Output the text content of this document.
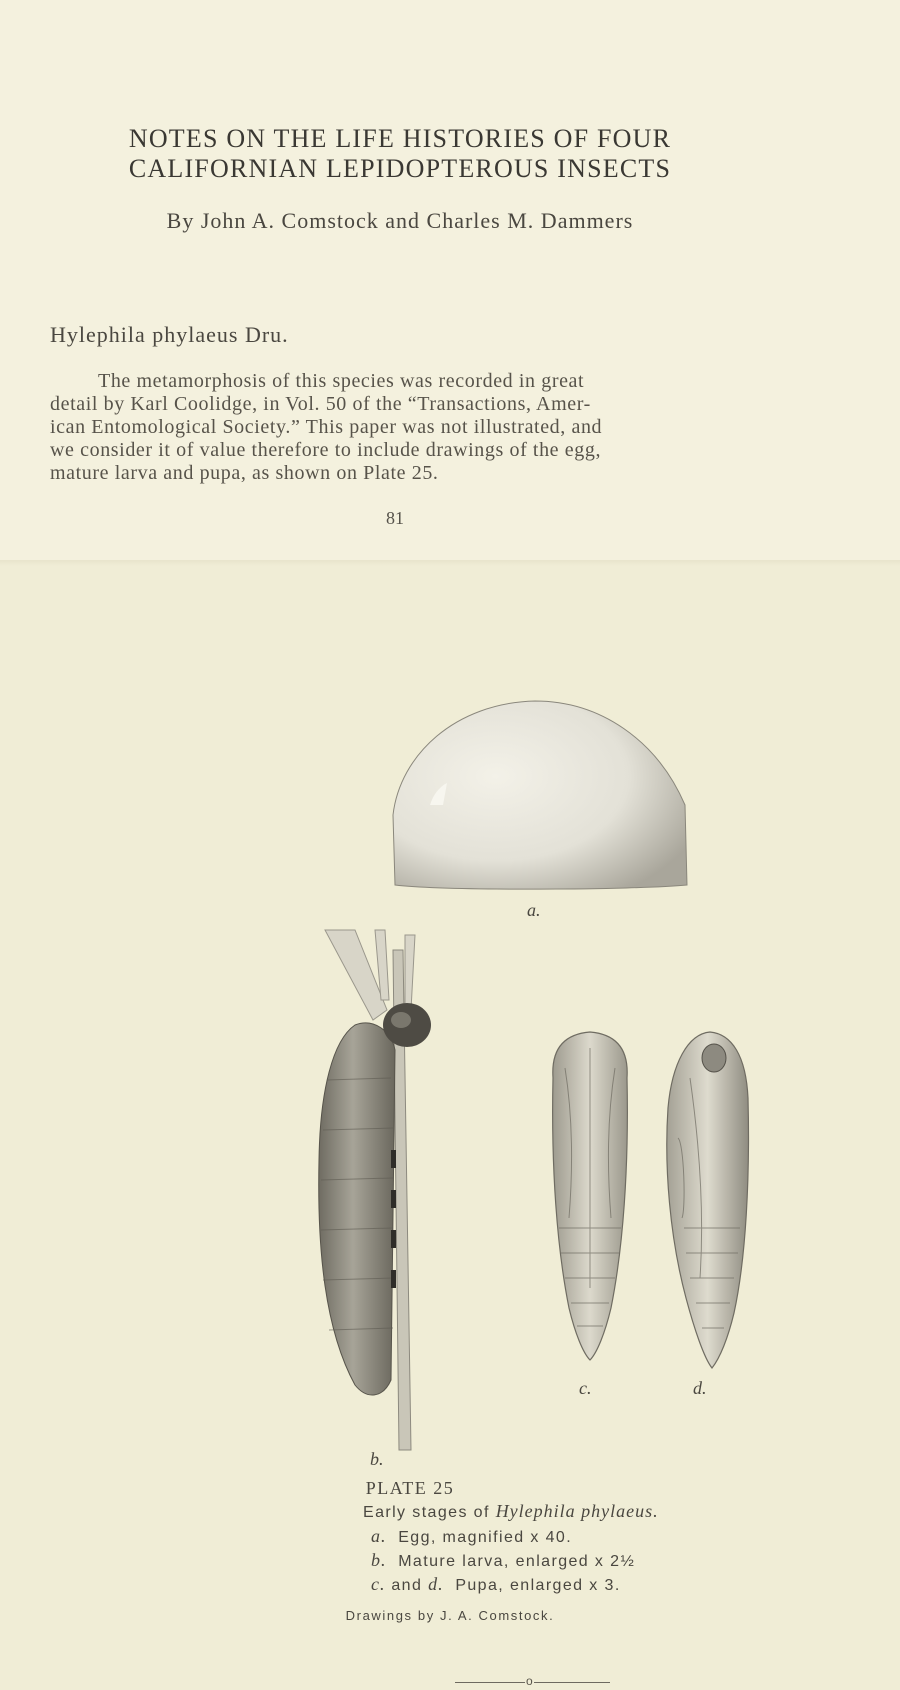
NOTES ON THE LIFE HISTORIES OF FOUR
CALIFORNIAN LEPIDOPTEROUS INSECTS
By John A. Comstock and Charles M. Dammers
Hylephila phylaeus Dru.
The metamorphosis of this species was recorded in great
detail by Karl Coolidge, in Vol. 50 of the “Transactions, Amer-
ican Entomological Society.” This paper was not illustrated, and
we consider it of value therefore to include drawings of the egg,
mature larva and pupa, as shown on Plate 25.
81
a.
b.
c.	d.
PLATE 25
Early stages of Hylephila phylaeus.
a. Egg, magnified x 40.
b. Mature larva, enlarged x 2½
c. and d. Pupa, enlarged x 3.
Drawings by J. A. Comstock.
o
